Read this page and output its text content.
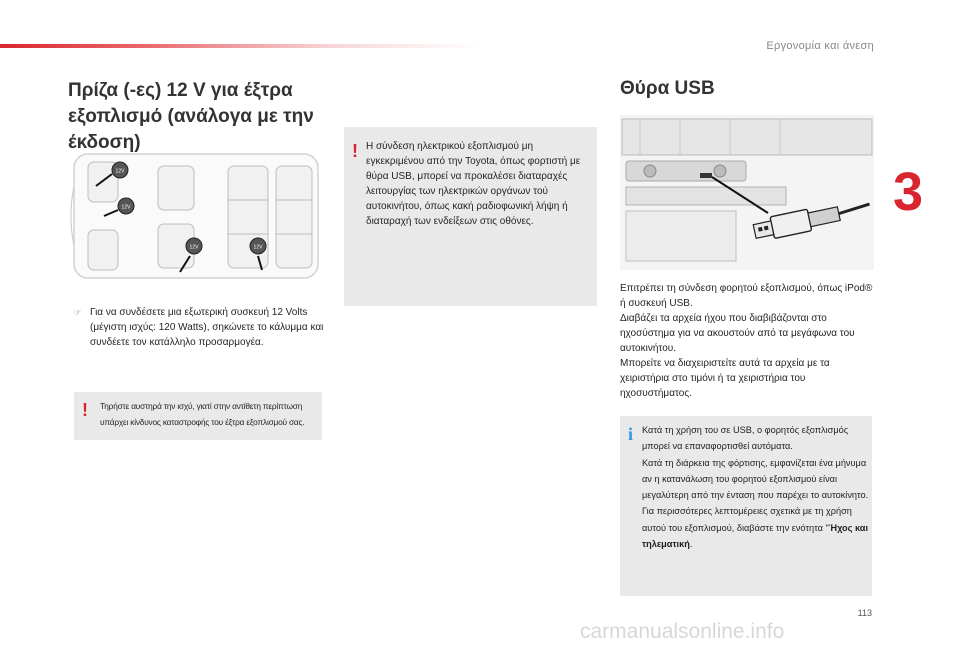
Εργονομία και άνεση
3
113
Πρίζα (-ες) 12 V για έξτρα εξοπλισμό (ανάλογα με την έκδοση)
12V
12V
12V	12V
☞ Για να συνδέσετε μια εξωτερική συσκευή 12 Volts (μέγιστη ισχύς: 120 Watts), σηκώνετε το κάλυμμα και συνδέετε τον κατάλληλο προσαρμογέα.
! Τηρήστε αυστηρά την ισχύ, γιατί στην αντίθετη περίπτωση υπάρχει κίνδυνος καταστροφής του έξτρα εξοπλισμού σας.
! Η σύνδεση ηλεκτρικού εξοπλισμού μη εγκεκριμένου από την Toyota, όπως φορτιστή με θύρα USB, μπορεί να προκαλέσει διαταραχές λειτουργίας των ηλεκτρικών οργάνων τού αυτοκινήτου, όπως κακή ραδιοφωνική λήψη ή διαταραχή των ενδείξεων στις οθόνες.
Θύρα USB

Επιτρέπει τη σύνδεση φορητού εξοπλισμού, όπως iPod® ή συσκευή USB.

Διαβάζει τα αρχεία ήχου που διαβιβάζονται στο ηχοσύστημα για να ακουστούν από τα μεγάφωνα του αυτοκινήτου.

Μπορείτε να διαχειριστείτε αυτά τα αρχεία με τα χειριστήρια στο τιμόνι ή τα χειριστήρια του ηχοσυστήματος.

i Κατά τη χρήση του σε USB, ο φορητός εξοπλισμός μπορεί να επαναφορτισθεί αυτόματα.
Κατά τη διάρκεια της φόρτισης, εμφανίζεται ένα μήνυμα αν η κατανάλωση του φορητού εξοπλισμού είναι μεγαλύτερη από την ένταση που παρέχει το αυτοκίνητο.
Για περισσότερες λεπτομέρειες σχετικά με τη χρήση αυτού του εξοπλισμού, διαβάστε την ενότητα "Ήχος και τηλεματική.
carmanualsonline.info
